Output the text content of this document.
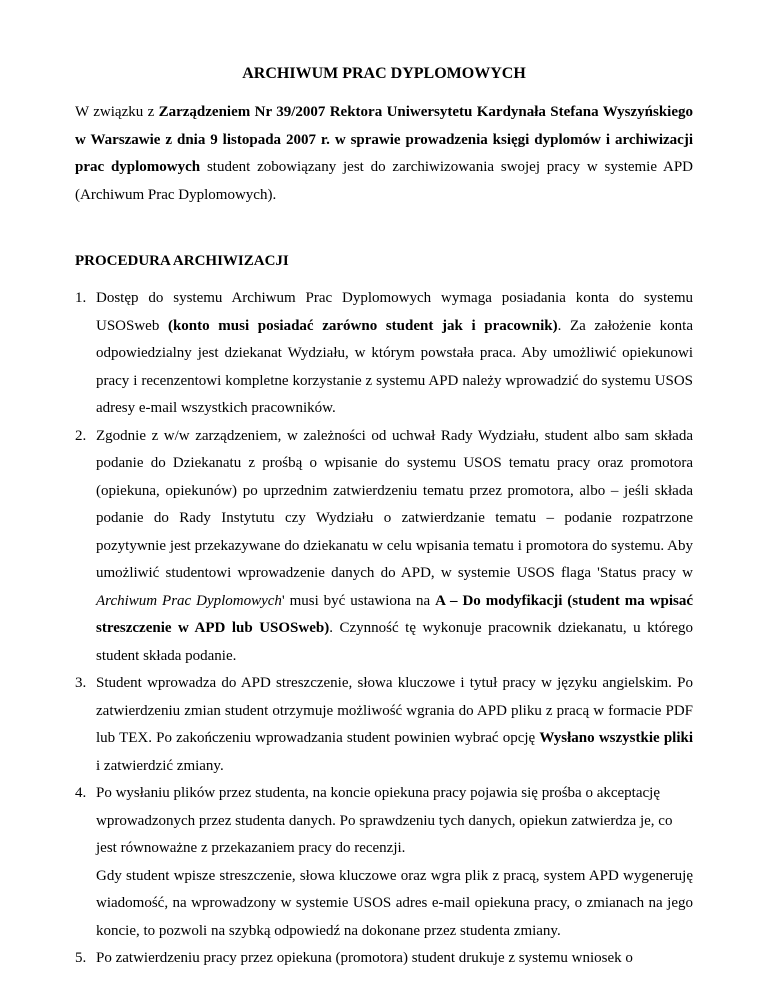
ARCHIWUM PRAC DYPLOMOWYCH

W związku z Zarządzeniem Nr 39/2007 Rektora Uniwersytetu Kardynała Stefana Wyszyńskiego w Warszawie z dnia 9 listopada 2007 r. w sprawie prowadzenia księgi dyplomów i archiwizacji prac dyplomowych student zobowiązany jest do zarchiwizowania swojej pracy w systemie APD (Archiwum Prac Dyplomowych).

PROCEDURA ARCHIWIZACJI
1. Dostęp do systemu Archiwum Prac Dyplomowych wymaga posiadania konta do systemu USOSweb (konto musi posiadać zarówno student jak i pracownik). Za założenie konta odpowiedzialny jest dziekanat Wydziału, w którym powstała praca. Aby umożliwić opiekunowi pracy i recenzentowi kompletne korzystanie z systemu APD należy wprowadzić do systemu USOS adresy e-mail wszystkich pracowników.
2. Zgodnie z w/w zarządzeniem, w zależności od uchwał Rady Wydziału, student albo sam składa podanie do Dziekanatu z prośbą o wpisanie do systemu USOS tematu pracy oraz promotora (opiekuna, opiekunów) po uprzednim zatwierdzeniu tematu przez promotora, albo – jeśli składa podanie do Rady Instytutu czy Wydziału o zatwierdzanie tematu – podanie rozpatrzone pozytywnie jest przekazywane do dziekanatu w celu wpisania tematu i promotora do systemu. Aby umożliwić studentowi wprowadzenie danych do APD, w systemie USOS flaga 'Status pracy w Archiwum Prac Dyplomowych' musi być ustawiona na A – Do modyfikacji (student ma wpisać streszczenie w APD lub USOSweb). Czynność tę wykonuje pracownik dziekanatu, u którego student składa podanie.
3. Student wprowadza do APD streszczenie, słowa kluczowe i tytuł pracy w języku angielskim. Po zatwierdzeniu zmian student otrzymuje możliwość wgrania do APD pliku z pracą w formacie PDF lub TEX. Po zakończeniu wprowadzania student powinien wybrać opcję Wysłano wszystkie pliki i zatwierdzić zmiany.
4. Po wysłaniu plików przez studenta, na koncie opiekuna pracy pojawia się prośba o akceptację wprowadzonych przez studenta danych. Po sprawdzeniu tych danych, opiekun zatwierdza je, co jest równoważne z przekazaniem pracy do recenzji.
Gdy student wpisze streszczenie, słowa kluczowe oraz wgra plik z pracą, system APD wygeneruję wiadomość, na wprowadzony w systemie USOS adres e-mail opiekuna pracy, o zmianach na jego koncie, to pozwoli na szybką odpowiedź na dokonane przez studenta zmiany.
5. Po zatwierdzeniu pracy przez opiekuna (promotora) student drukuje z systemu wniosek o
